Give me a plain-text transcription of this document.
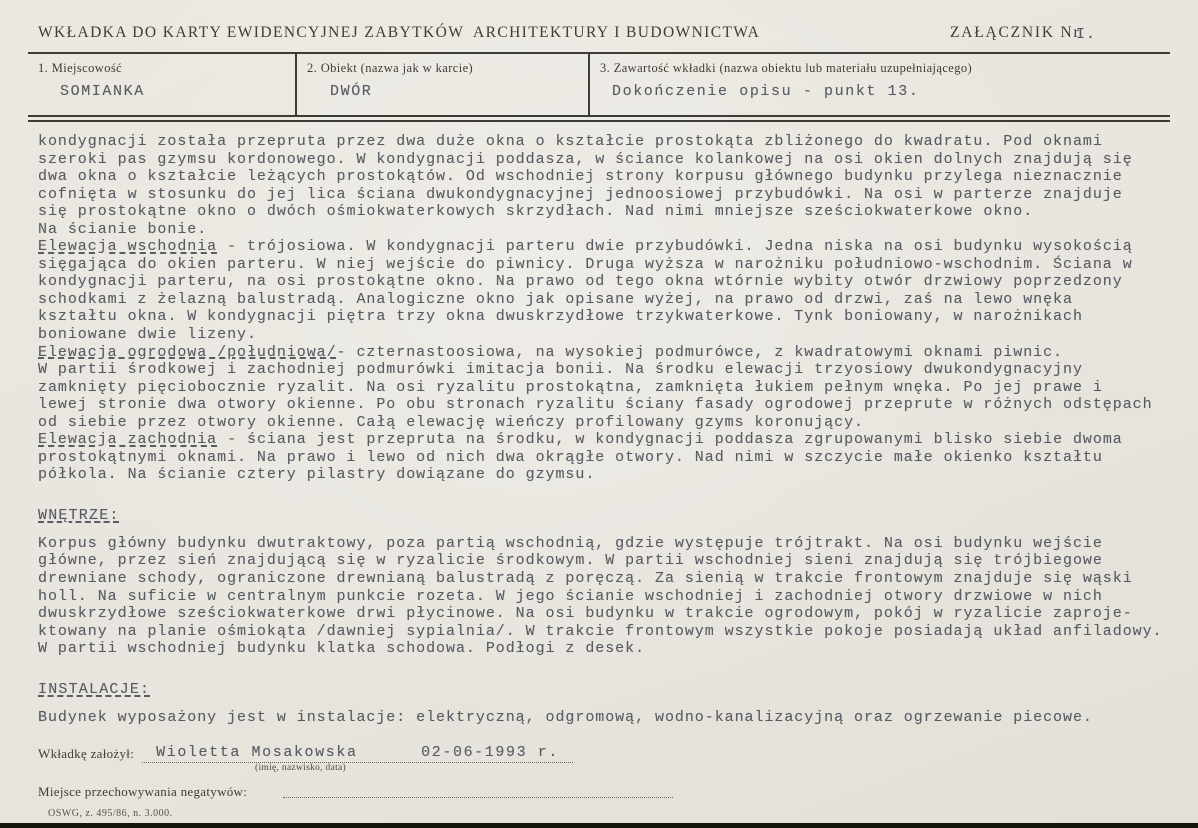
WKŁADKA DO KARTY EWIDENCYJNEJ ZABYTKÓW ARCHITEKTURY I BUDOWNICTWA	ZAŁĄCZNIK Nr
I.
1. Miejscowość
SOMIANKA
2. Obiekt (nazwa jak w karcie)
DWÓR
3. Zawartość wkładki (nazwa obiektu lub materiału uzupełniającego)
Dokończenie opisu - punkt 13.
kondygnacji została przepruta przez dwa duże okna o kształcie prostokąta zbliżonego do kwadratu. Pod oknami
szeroki pas gzymsu kordonowego. W kondygnacji poddasza, w ściance kolankowej na osi okien dolnych znajdują się
dwa okna o kształcie leżących prostokątów. Od wschodniej strony korpusu głównego budynku przylega nieznacznie
cofnięta w stosunku do jej lica ściana dwukondygnacyjnej jednoosiowej przybudówki. Na osi w parterze znajduje
się prostokątne okno o dwóch ośmiokwaterkowych skrzydłach. Nad nimi mniejsze sześciokwaterkowe okno.
Na ścianie bonie.
Elewacja wschodnia - trójosiowa. W kondygnacji parteru dwie przybudówki. Jedna niska na osi budynku wysokością
sięgająca do okien parteru. W niej wejście do piwnicy. Druga wyższa w narożniku południowo-wschodnim. Ściana w
kondygnacji parteru, na osi prostokątne okno. Na prawo od tego okna wtórnie wybity otwór drzwiowy poprzedzony
schodkami z żelazną balustradą. Analogiczne okno jak opisane wyżej, na prawo od drzwi, zaś na lewo wnęka
kształtu okna. W kondygnacji piętra trzy okna dwuskrzydłowe trzykwaterkowe. Tynk boniowany, w narożnikach
boniowane dwie lizeny.
Elewacja ogrodowa /południowa/- czternastoosiowa, na wysokiej podmurówce, z kwadratowymi oknami piwnic.
W partii środkowej i zachodniej podmurówki imitacja bonii. Na środku elewacji trzyosiowy dwukondygnacyjny
zamknięty pięciobocznie ryzalit. Na osi ryzalitu prostokątna, zamknięta łukiem pełnym wnęka. Po jej prawe i
lewej stronie dwa otwory okienne. Po obu stronach ryzalitu ściany fasady ogrodowej przeprute w różnych odstępach
od siebie przez otwory okienne. Całą elewację wieńczy profilowany gzyms koronujący.
Elewacja zachodnia - ściana jest przepruta na środku, w kondygnacji poddasza zgrupowanymi blisko siebie dwoma
prostokątnymi oknami. Na prawo i lewo od nich dwa okrągłe otwory. Nad nimi w szczycie małe okienko kształtu
półkola. Na ścianie cztery pilastry dowiązane do gzymsu.
WNĘTRZE:
Korpus główny budynku dwutraktowy, poza partią wschodnią, gdzie występuje trójtrakt. Na osi budynku wejście
główne, przez sień znajdującą się w ryzalicie środkowym. W partii wschodniej sieni znajdują się trójbiegowe
drewniane schody, ograniczone drewnianą balustradą z poręczą. Za sienią w trakcie frontowym znajduje się wąski
holl. Na suficie w centralnym punkcie rozeta. W jego ścianie wschodniej i zachodniej otwory drzwiowe w nich
dwuskrzydłowe sześciokwaterkowe drwi płycinowe. Na osi budynku w trakcie ogrodowym, pokój w ryzalicie zaproje-
ktowany na planie ośmiokąta /dawniej sypialnia/. W trakcie frontowym wszystkie pokoje posiadają układ anfiladowy.
W partii wschodniej budynku klatka schodowa. Podłogi z desek.
INSTALACJE:
Budynek wyposażony jest w instalacje: elektryczną, odgromową, wodno-kanalizacyjną oraz ogrzewanie piecowe.
Wkładkę założył:	Wioletta Mosakowska      02-06-1993 r.
(imię, nazwisko, data)
Miejsce przechowywania negatywów:
OSWG, z. 495/86, n. 3.000.
